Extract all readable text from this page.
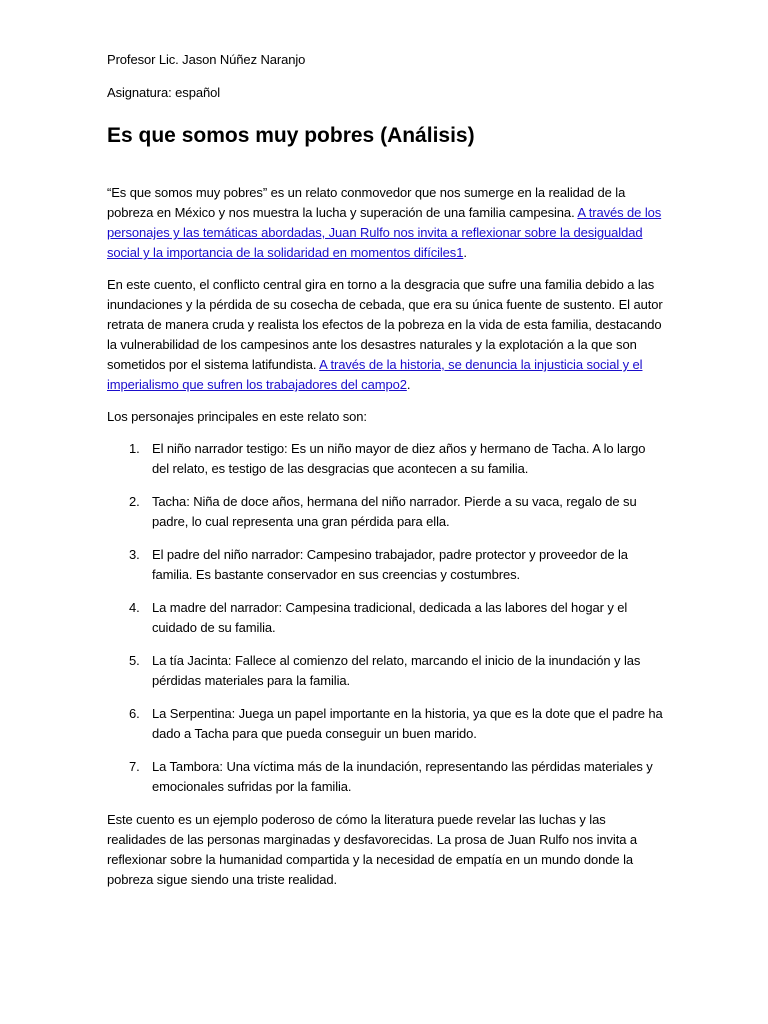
Profesor Lic. Jason Núñez Naranjo

Asignatura: español

Es que somos muy pobres (Análisis)

“Es que somos muy pobres” es un relato conmovedor que nos sumerge en la realidad de la pobreza en México y nos muestra la lucha y superación de una familia campesina. A través de los personajes y las temáticas abordadas, Juan Rulfo nos invita a reflexionar sobre la desigualdad social y la importancia de la solidaridad en momentos difíciles1.

En este cuento, el conflicto central gira en torno a la desgracia que sufre una familia debido a las inundaciones y la pérdida de su cosecha de cebada, que era su única fuente de sustento. El autor retrata de manera cruda y realista los efectos de la pobreza en la vida de esta familia, destacando la vulnerabilidad de los campesinos ante los desastres naturales y la explotación a la que son sometidos por el sistema latifundista. A través de la historia, se denuncia la injusticia social y el imperialismo que sufren los trabajadores del campo2.

Los personajes principales en este relato son:

1. El niño narrador testigo: Es un niño mayor de diez años y hermano de Tacha. A lo largo del relato, es testigo de las desgracias que acontecen a su familia.
2. Tacha: Niña de doce años, hermana del niño narrador. Pierde a su vaca, regalo de su padre, lo cual representa una gran pérdida para ella.
3. El padre del niño narrador: Campesino trabajador, padre protector y proveedor de la familia. Es bastante conservador en sus creencias y costumbres.
4. La madre del narrador: Campesina tradicional, dedicada a las labores del hogar y el cuidado de su familia.
5. La tía Jacinta: Fallece al comienzo del relato, marcando el inicio de la inundación y las pérdidas materiales para la familia.
6. La Serpentina: Juega un papel importante en la historia, ya que es la dote que el padre ha dado a Tacha para que pueda conseguir un buen marido.
7. La Tambora: Una víctima más de la inundación, representando las pérdidas materiales y emocionales sufridas por la familia.

Este cuento es un ejemplo poderoso de cómo la literatura puede revelar las luchas y las realidades de las personas marginadas y desfavorecidas. La prosa de Juan Rulfo nos invita a reflexionar sobre la humanidad compartida y la necesidad de empatía en un mundo donde la pobreza sigue siendo una triste realidad.
